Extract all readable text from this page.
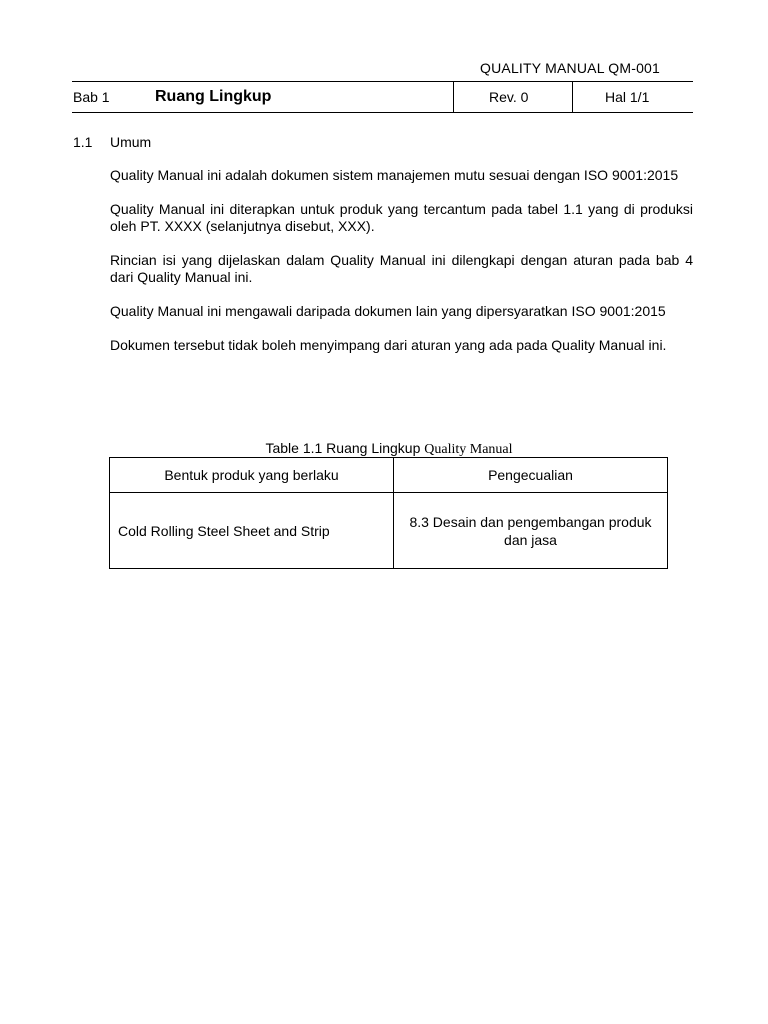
QUALITY MANUAL QM-001
Bab 1	Ruang Lingkup	Rev. 0	Hal 1/1
1.1 Umum

Quality Manual ini adalah dokumen sistem manajemen mutu sesuai dengan ISO 9001:2015

Quality Manual ini diterapkan untuk produk yang tercantum pada tabel 1.1 yang di produksi oleh PT. XXXX (selanjutnya disebut, XXX).

Rincian isi yang dijelaskan dalam Quality Manual ini dilengkapi dengan aturan pada bab 4 dari Quality Manual ini.

Quality Manual ini mengawali daripada dokumen lain yang dipersyaratkan ISO 9001:2015

Dokumen tersebut tidak boleh menyimpang dari aturan yang ada pada Quality Manual ini.

Table 1.1 Ruang Lingkup Quality Manual
Bentuk produk yang berlaku	Pengecualian
Cold Rolling Steel Sheet and Strip	8.3 Desain dan pengembangan produk dan jasa
